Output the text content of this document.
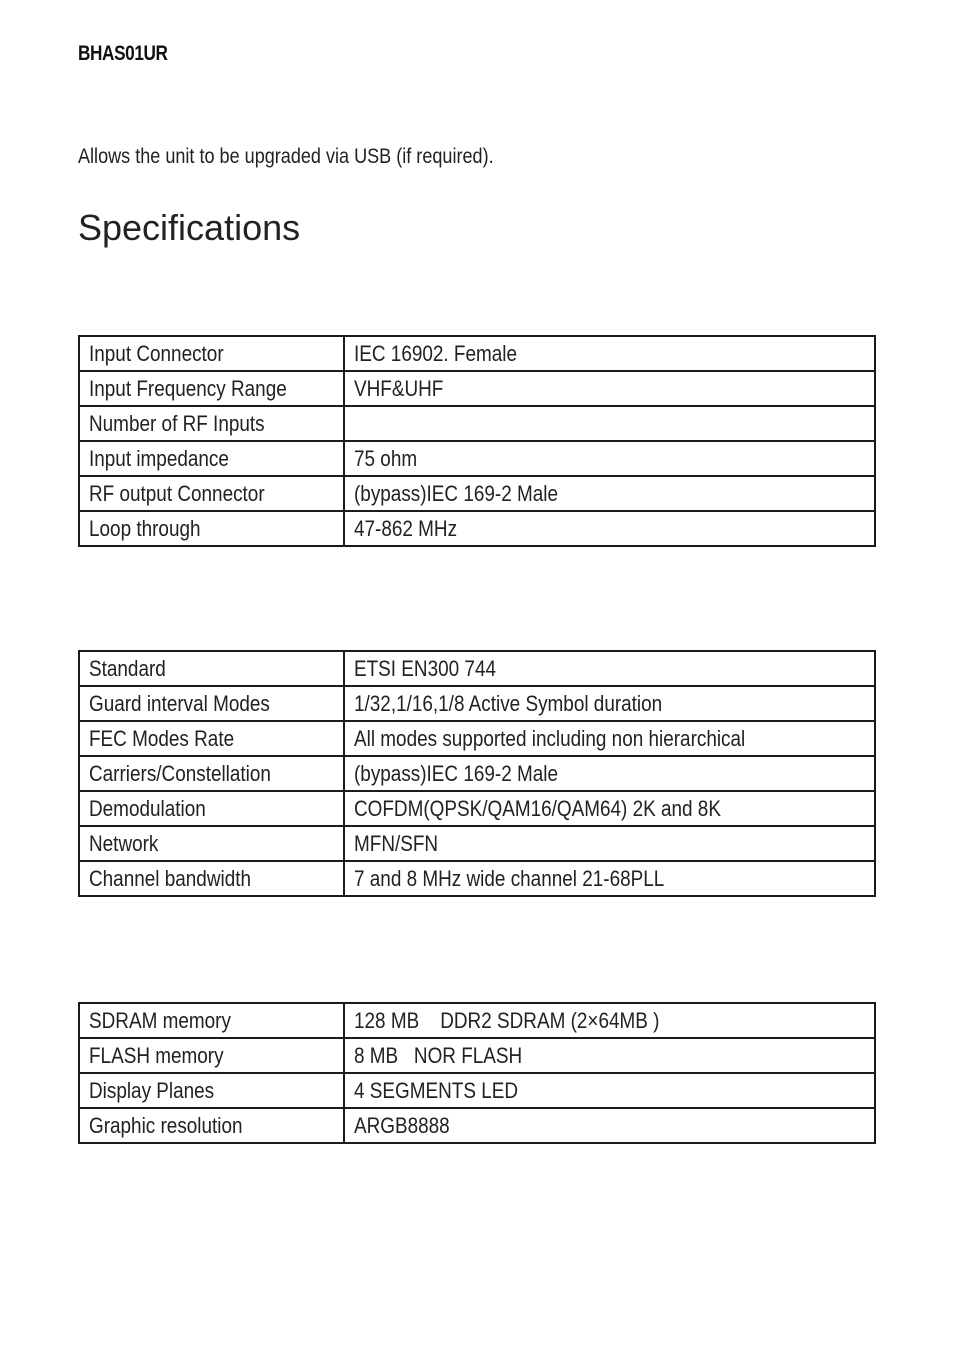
BHAS01UR
Allows the unit to be upgraded via USB (if required).
Specifications
Input Connector	IEC 16902. Female
Input Frequency Range	VHF&UHF
Number of RF Inputs	
Input impedance	75 ohm
RF output Connector	(bypass)IEC 169-2 Male
Loop through	47-862 MHz
Standard	ETSI EN300 744
Guard interval Modes	1/32,1/16,1/8 Active Symbol duration
FEC Modes Rate	All modes supported including non hierarchical
Carriers/Constellation	(bypass)IEC 169-2 Male
Demodulation	COFDM(QPSK/QAM16/QAM64) 2K and 8K
Network	MFN/SFN
Channel bandwidth	7 and 8 MHz wide channel 21-68PLL
SDRAM memory	128 MB    DDR2 SDRAM (2×64MB )
FLASH memory	8 MB   NOR FLASH
Display Planes	4 SEGMENTS LED
Graphic resolution	ARGB8888
